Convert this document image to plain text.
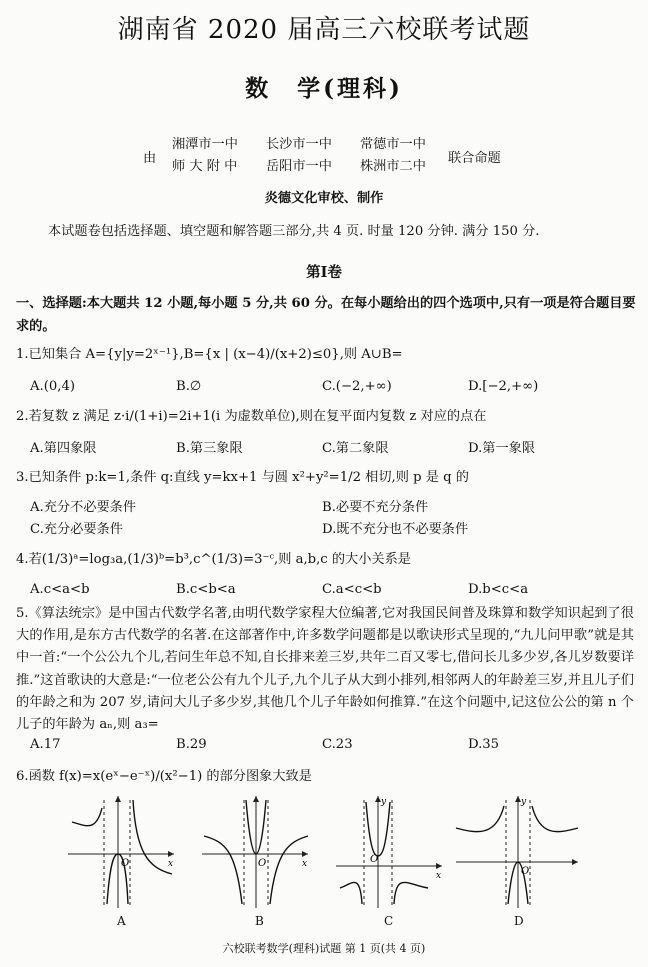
湖南省 2020 届高三六校联考试题
数　学(理科)
由
湘潭市一中	长沙市一中	常德市一中
师 大 附 中	岳阳市一中	株洲市二中
联合命题
炎德文化审校、制作
本试题卷包括选择题、填空题和解答题三部分,共 4 页. 时量 120 分钟. 满分 150 分.
第Ⅰ卷
一、选择题:本大题共 12 小题,每小题 5 分,共 60 分。在每小题给出的四个选项中,只有一项是符合题目要求的。
1.已知集合 A={y|y=2ˣ⁻¹},B={x | (x−4)/(x+2)≤0},则 A∪B=
A.(0,4)	B.∅	C.(−2,+∞)	D.[−2,+∞)
2.若复数 z 满足 z·i/(1+i)=2i+1(i 为虚数单位),则在复平面内复数 z 对应的点在
A.第四象限	B.第三象限	C.第二象限	D.第一象限
3.已知条件 p:k=1,条件 q:直线 y=kx+1 与圆 x²+y²=1/2 相切,则 p 是 q 的
A.充分不必要条件	B.必要不充分条件
C.充分必要条件	D.既不充分也不必要条件
4.若(1/3)ᵃ=log₃a,(1/3)ᵇ=b³,c^(1/3)=3⁻ᶜ,则 a,b,c 的大小关系是
A.c<a<b	B.c<b<a	C.a<c<b	D.b<c<a
5.《算法统宗》是中国古代数学名著,由明代数学家程大位编著,它对我国民间普及珠算和数学知识起到了很大的作用,是东方古代数学的名著.在这部著作中,许多数学问题都是以歌诀形式呈现的,“九儿问甲歌”就是其中一首:“一个公公九个儿,若问生年总不知,自长排来差三岁,共年二百又零七,借问长儿多少岁,各儿岁数要详推.”这首歌诀的大意是:“一位老公公有九个儿子,九个儿子从大到小排列,相邻两人的年龄差三岁,并且儿子们的年龄之和为 207 岁,请问大儿子多少岁,其他几个儿子年龄如何推算.”在这个问题中,记这位公公的第 n 个儿子的年龄为 aₙ,则 a₃=
A.17	B.29	C.23	D.35
6.函数 f(x)=x(eˣ−e⁻ˣ)/(x²−1) 的部分图象大致是
O	x	O	x	O
y
x	O
y
A	B	C	D
六校联考数学(理科)试题 第 1 页(共 4 页)
